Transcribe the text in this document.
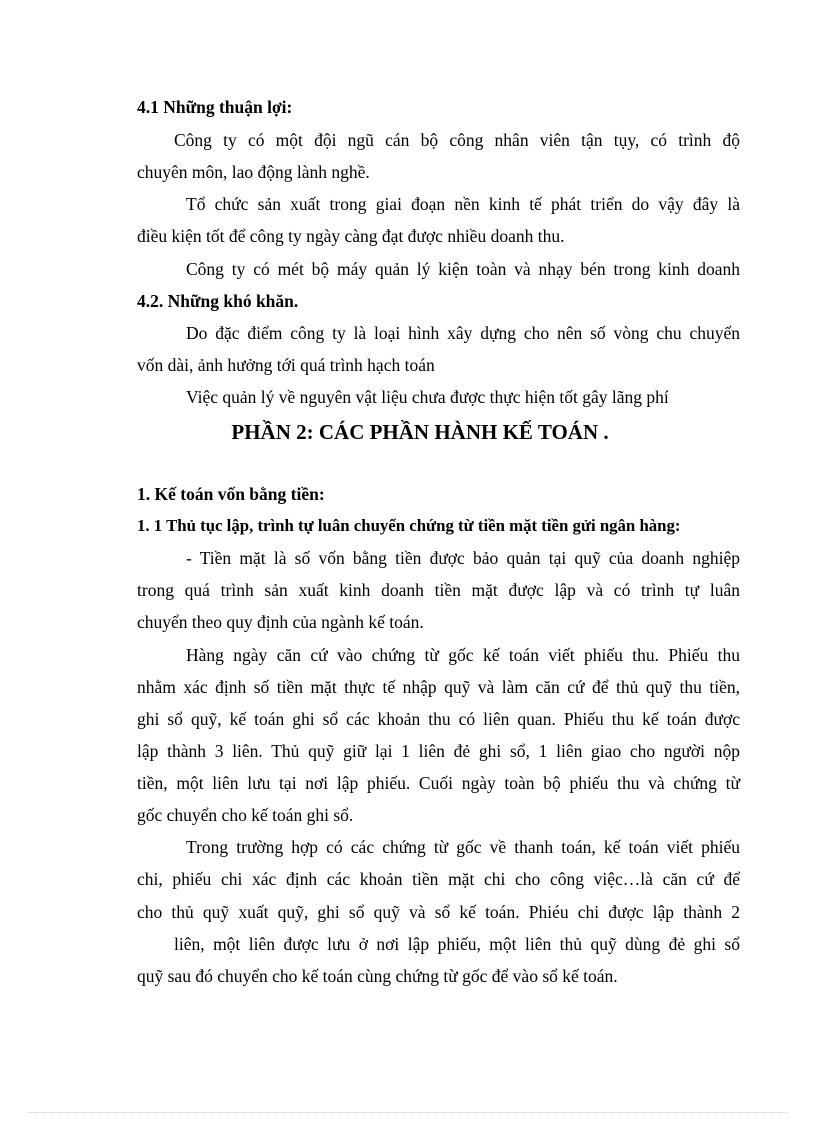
4.1 Những thuận lợi:
Công ty có một đội ngũ cán bộ công nhân viên tận tụy, có trình độ
chuyên môn, lao động lành nghề.
Tổ chức sản xuất trong giai đoạn nền kinh tế phát triển do vậy đây là
điều kiện tốt để công ty ngày càng đạt được nhiều doanh thu.
Công ty có mét bộ máy quản lý kiện toàn và nhạy bén trong kinh doanh
4.2. Những khó khăn.
Do đặc điểm công ty là loại hình xây dựng cho nên số vòng chu chuyển
vốn dài, ảnh hưởng tới quá trình hạch toán
Việc quản lý về nguyên vật liệu chưa được thực hiện tốt gây lãng phí
PHẦN 2: CÁC PHẦN HÀNH KẾ TOÁN .
1. Kế toán vốn bằng tiền:
1. 1 Thủ tục lập, trình tự luân chuyển chứng từ tiền mặt tiền gửi ngân hàng:
- Tiền mặt là số vốn bằng tiền được bảo quản tại quỹ của doanh nghiệp
trong quá trình sản xuất kinh doanh tiền mặt được lập và có trình tự luân
chuyển theo quy định của ngành kế toán.
Hàng ngày căn cứ vào chứng từ gốc kế toán viết phiếu thu. Phiếu thu
nhằm xác định số tiền mặt thực tế nhập quỹ và làm căn cứ để thủ quỹ thu tiền,
ghi sổ quỹ, kế toán ghi sổ các khoản thu có liên quan. Phiếu thu kế toán được
lập thành 3 liên. Thủ quỹ giữ lại 1 liên đẻ ghi sổ, 1 liên giao cho người nộp
tiền, một liên lưu tại nơi lập phiếu. Cuối ngày toàn bộ phiếu thu và chứng từ
gốc chuyển cho kế toán ghi sổ.
Trong trường hợp có các chứng từ gốc về thanh toán, kế toán viết phiếu
chi, phiếu chi xác định các khoản tiền mặt chi cho công việc…là căn cứ để
cho thủ quỹ xuất quỹ, ghi sổ quỹ và sổ kế toán. Phiéu chi được lập thành 2
liên, một liên được lưu ở nơi lập phiếu, một liên thủ quỹ dùng đẻ ghi sổ
quỹ sau đó chuyển cho kế toán cùng chứng từ gốc để vào sổ kế toán.
